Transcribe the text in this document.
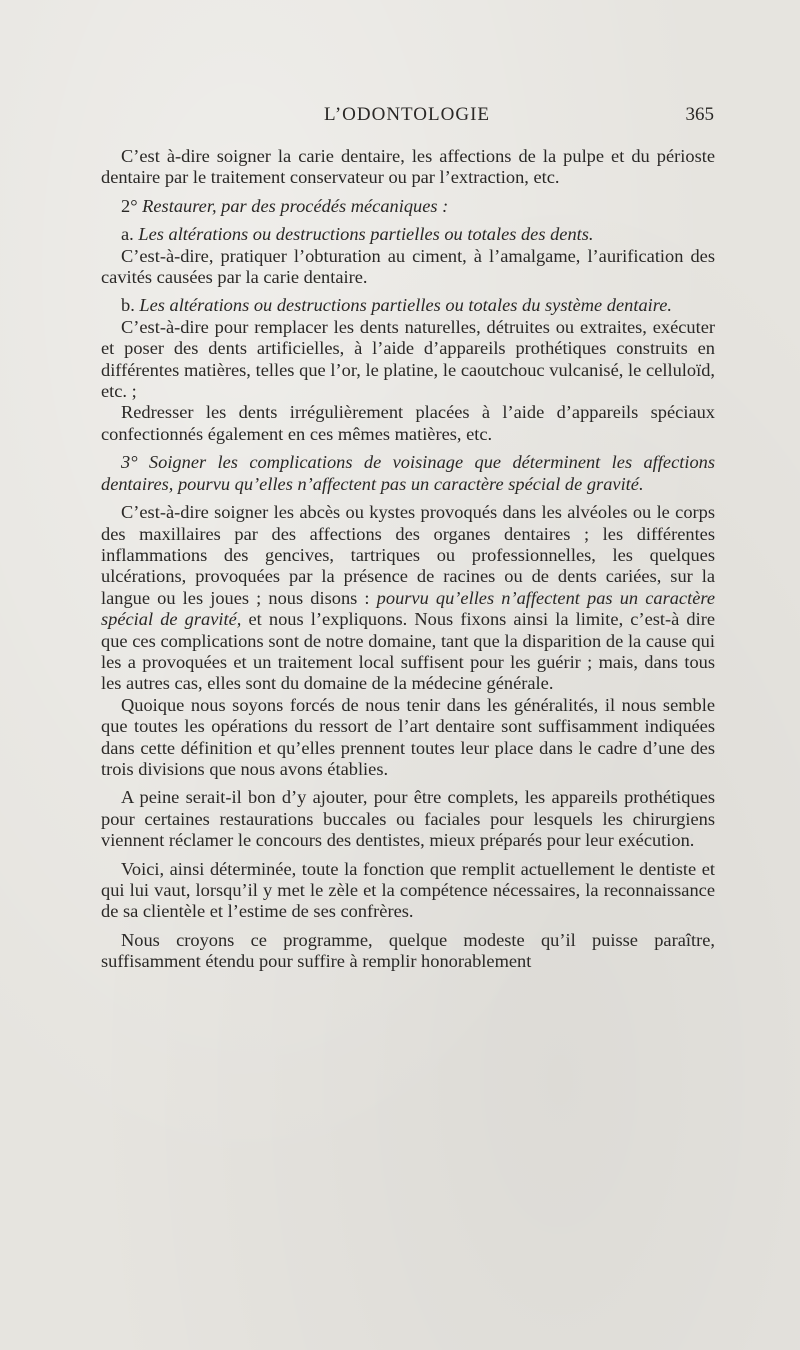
L’ODONTOLOGIE	365

C’est à-dire soigner la carie dentaire, les affections de la pulpe et du périoste dentaire par le traitement conservateur ou par l’extraction, etc.

2° Restaurer, par des procédés mécaniques :

a. Les altérations ou destructions partielles ou totales des dents.

C’est-à-dire, pratiquer l’obturation au ciment, à l’amalgame, l’aurification des cavités causées par la carie dentaire.

b. Les altérations ou destructions partielles ou totales du système dentaire.

C’est-à-dire pour remplacer les dents naturelles, détruites ou extraites, exécuter et poser des dents artificielles, à l’aide d’appareils prothétiques construits en différentes matières, telles que l’or, le platine, le caoutchouc vulcanisé, le celluloïd, etc. ;

Redresser les dents irrégulièrement placées à l’aide d’appareils spéciaux confectionnés également en ces mêmes matières, etc.

3° Soigner les complications de voisinage que déterminent les affections dentaires, pourvu qu’elles n’affectent pas un caractère spécial de gravité.

C’est-à-dire soigner les abcès ou kystes provoqués dans les alvéoles ou le corps des maxillaires par des affections des organes dentaires ; les différentes inflammations des gencives, tartriques ou professionnelles, les quelques ulcérations, provoquées par la présence de racines ou de dents cariées, sur la langue ou les joues ; nous disons : pourvu qu’elles n’affectent pas un caractère spécial de gravité, et nous l’expliquons. Nous fixons ainsi la limite, c’est-à dire que ces complications sont de notre domaine, tant que la disparition de la cause qui les a provoquées et un traitement local suffisent pour les guérir ; mais, dans tous les autres cas, elles sont du domaine de la médecine générale.

Quoique nous soyons forcés de nous tenir dans les généralités, il nous semble que toutes les opérations du ressort de l’art dentaire sont suffisamment indiquées dans cette définition et qu’elles prennent toutes leur place dans le cadre d’une des trois divisions que nous avons établies.

A peine serait-il bon d’y ajouter, pour être complets, les appareils prothétiques pour certaines restaurations buccales ou faciales pour lesquels les chirurgiens viennent réclamer le concours des dentistes, mieux préparés pour leur exécution.

Voici, ainsi déterminée, toute la fonction que remplit actuellement le dentiste et qui lui vaut, lorsqu’il y met le zèle et la compétence nécessaires, la reconnaissance de sa clientèle et l’estime de ses confrères.

Nous croyons ce programme, quelque modeste qu’il puisse paraître, suffisamment étendu pour suffire à remplir honorablement
